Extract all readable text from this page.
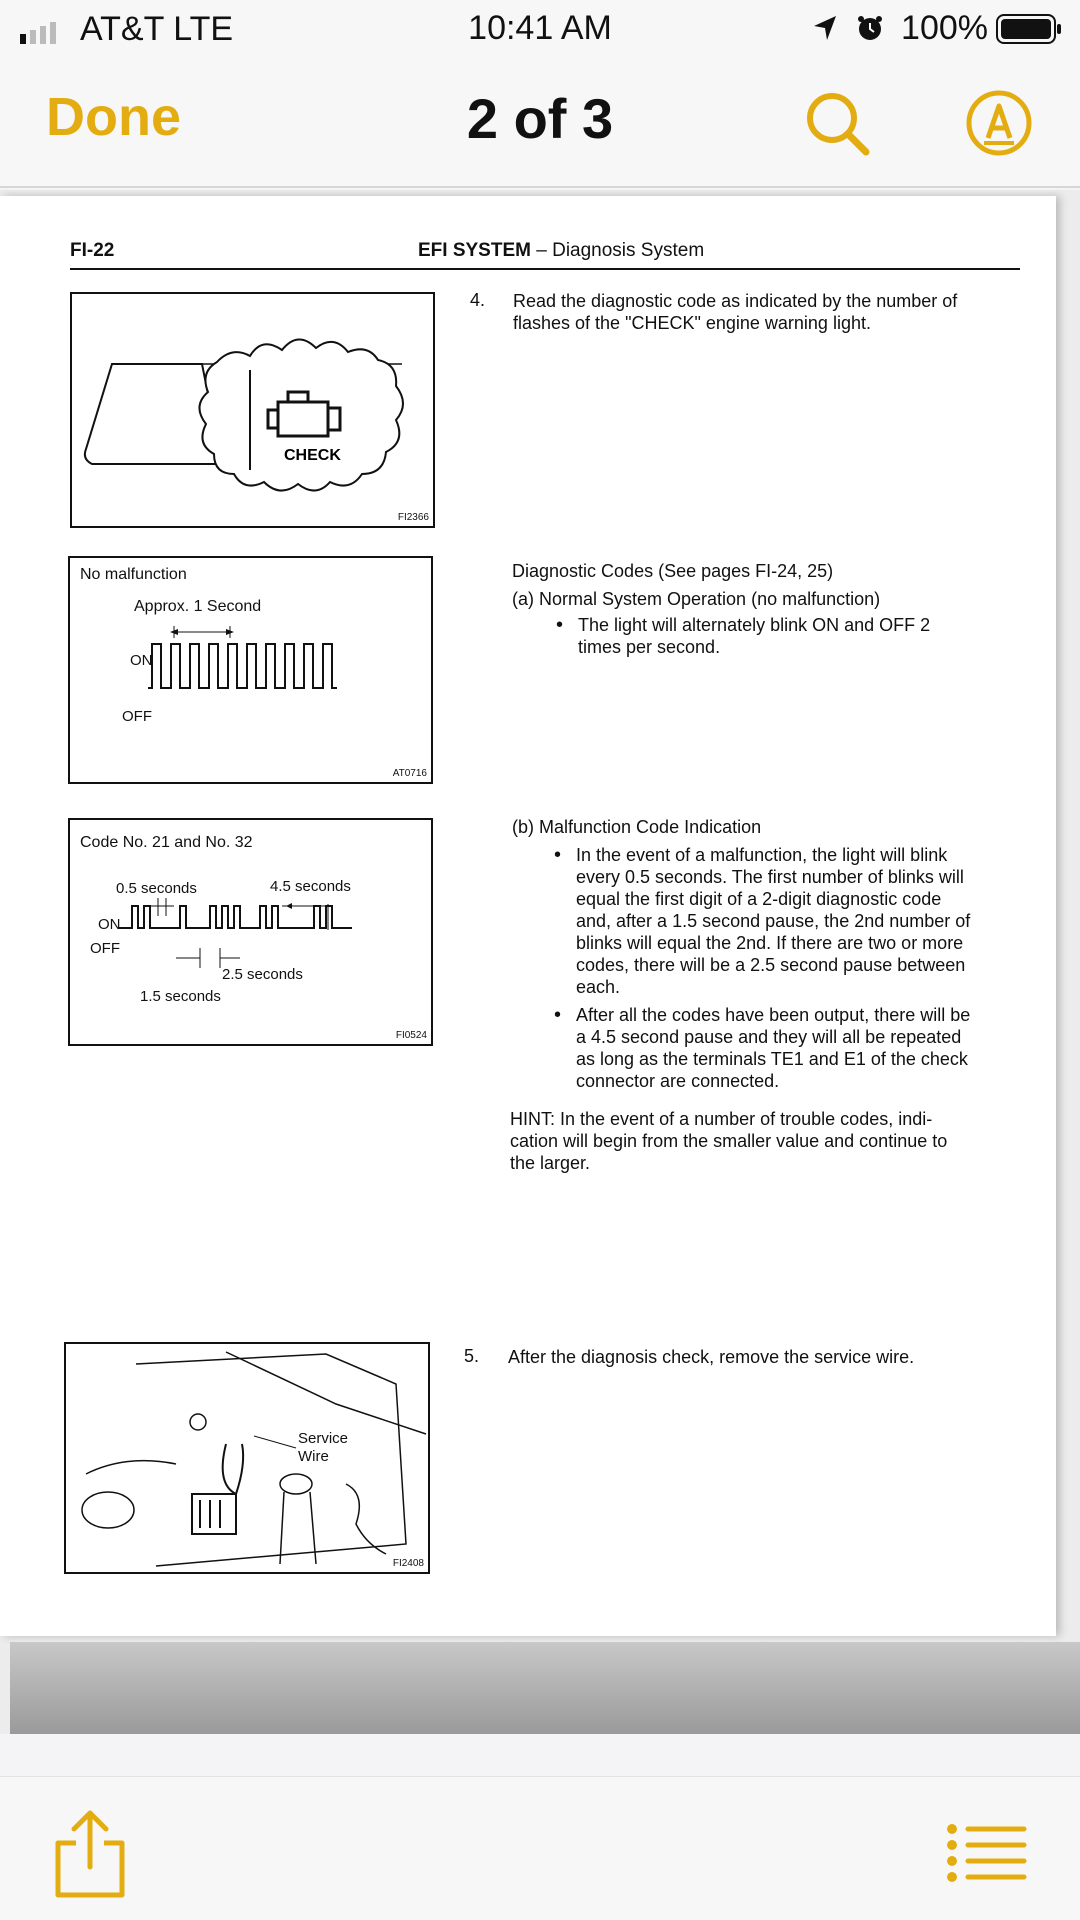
AT&T LTE	10:41 AM	100%
Done	2 of 3
FI-22	EFI SYSTEM – Diagnosis System
CHECK
FI2366
4. Read the diagnostic code as indicated by the number of
flashes of the "CHECK" engine warning light.
No malfunction
Approx. 1 Second
ON
OFF
AT0716
Diagnostic Codes (See pages FI-24, 25)
(a) Normal System Operation (no malfunction)
• The light will alternately blink ON and OFF 2
times per second.
Code No. 21 and No. 32
0.5 seconds	4.5 seconds
ON
OFF
2.5 seconds
1.5 seconds
FI0524
(b) Malfunction Code Indication
• In the event of a malfunction, the light will blink
every 0.5 seconds. The first number of blinks will
equal the first digit of a 2-digit diagnostic code
and, after a 1.5 second pause, the 2nd number of
blinks will equal the 2nd. If there are two or more
codes, there will be a 2.5 second pause between
each.
• After all the codes have been output, there will be
a 4.5 second pause and they will all be repeated
as long as the terminals TE1 and E1 of the check
connector are connected.
HINT: In the event of a number of trouble codes, indi-
cation will begin from the smaller value and continue to
the larger.
Service
Wire
FI2408
5. After the diagnosis check, remove the service wire.
